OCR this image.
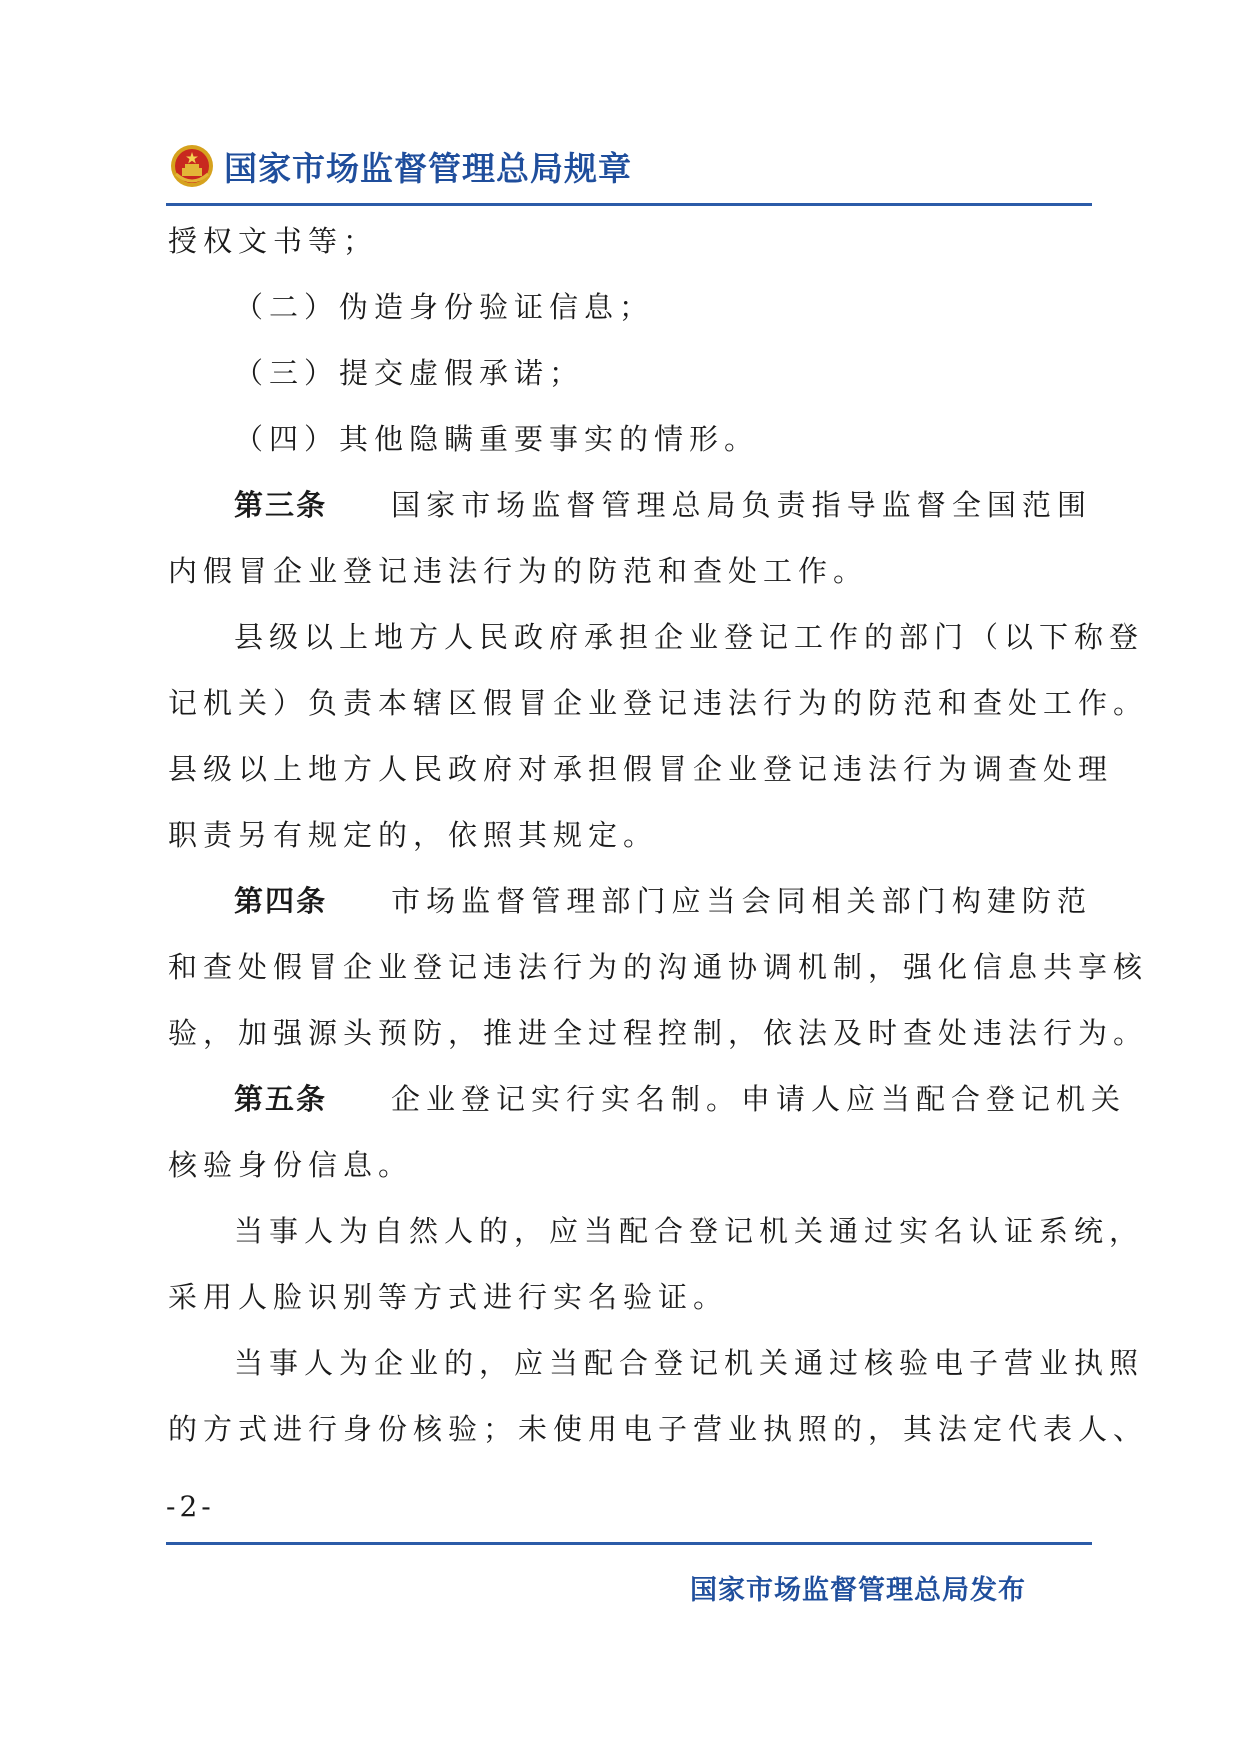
国家市场监督管理总局规章
授权文书等；
（二）伪造身份验证信息；
（三）提交虚假承诺；
（四）其他隐瞒重要事实的情形。
第三条 国家市场监督管理总局负责指导监督全国范围
内假冒企业登记违法行为的防范和查处工作。
县级以上地方人民政府承担企业登记工作的部门（以下称登
记机关）负责本辖区假冒企业登记违法行为的防范和查处工作。
县级以上地方人民政府对承担假冒企业登记违法行为调查处理
职责另有规定的，依照其规定。
第四条 市场监督管理部门应当会同相关部门构建防范
和查处假冒企业登记违法行为的沟通协调机制，强化信息共享核
验，加强源头预防，推进全过程控制，依法及时查处违法行为。
第五条 企业登记实行实名制。申请人应当配合登记机关
核验身份信息。
当事人为自然人的，应当配合登记机关通过实名认证系统，
采用人脸识别等方式进行实名验证。
当事人为企业的，应当配合登记机关通过核验电子营业执照
的方式进行身份核验；未使用电子营业执照的，其法定代表人、
-2-
国家市场监督管理总局发布
